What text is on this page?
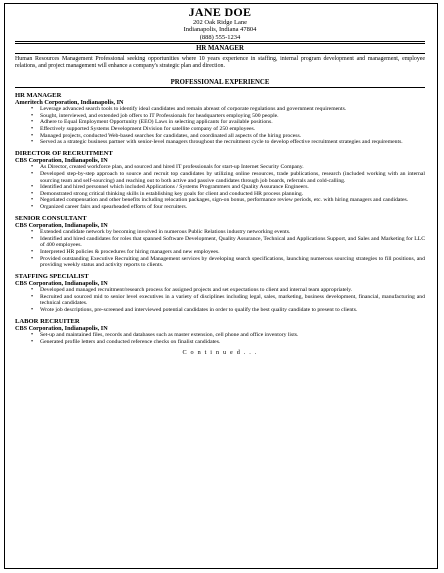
JANE DOE
202 Oak Ridge Lane
Indianapolis, Indiana 47804
(888) 555-1234
HR MANAGER
Human Resources Management Professional seeking opportunities where 10 years experience in staffing, internal program development and management, employee relations, and project management will enhance a company's strategic plan and direction.
PROFESSIONAL EXPERIENCE
HR MANAGER
Ameritech Corporation, Indianapolis, IN
• Leverage advanced search tools to identify ideal candidates and remain abreast of corporate regulations and government requirements.
• Sought, interviewed, and extended job offers to IT Professionals for headquarters employing 500 people.
• Adhere to Equal Employment Opportunity (EEO) Laws in selecting applicants for available positions.
• Effectively supported Systems Development Division for satellite company of 250 employees.
• Managed projects, conducted Web-based searches for candidates, and coordinated all aspects of the hiring process.
• Served as a strategic business partner with senior-level managers throughout the recruitment cycle to develop effective recruitment strategies and requirements.
DIRECTOR OF RECRUITMENT
CBS Corporation, Indianapolis, IN
• As Director, created workforce plan, and sourced and hired IT professionals for start-up Internet Security Company.
• Developed step-by-step approach to source and recruit top candidates by utilizing online resources, trade publications, research (included working with an internal sourcing team and self-sourcing) and reaching out to both active and passive candidates through job boards, referrals and cold-calling.
• Identified and hired personnel which included Applications / Systems Programmers and Quality Assurance Engineers.
• Demonstrated strong critical thinking skills in establishing key goals for client and conducted HR process planning.
• Negotiated compensation and other benefits including relocation packages, sign-on bonus, performance review periods, etc. with hiring managers and candidates.
• Organized career fairs and spearheaded efforts of four recruiters.
SENIOR CONSULTANT
CBS Corporation, Indianapolis, IN
• Extended candidate network by becoming involved in numerous Public Relations industry networking events.
• Identified and hired candidates for roles that spanned Software Development, Quality Assurance, Technical and Applications Support, and Sales and Marketing for LLC of 400 employees.
• Interpreted HR policies & procedures for hiring managers and new employees.
• Provided outstanding Executive Recruiting and Management services by developing search specifications, launching numerous sourcing strategies to fill positions, and providing weekly status and activity reports to clients.
STAFFING SPECIALIST
CBS Corporation, Indianapolis, IN
• Developed and managed recruitment/research process for assigned projects and set expectations to client and internal team appropriately.
• Recruited and sourced mid to senior level executives in a variety of disciplines including legal, sales, marketing, business development, financial, manufacturing and technical candidates.
• Wrote job descriptions, pre-screened and interviewed potential candidates in order to qualify the best quality candidate to present to clients.
LABOR RECRUITER
CBS Corporation, Indianapolis, IN
• Set-up and maintained files, records and databases such as master extension, cell phone and office inventory lists.
• Generated profile letters and conducted reference checks on finalist candidates.
C o n t i n u e d . . .
